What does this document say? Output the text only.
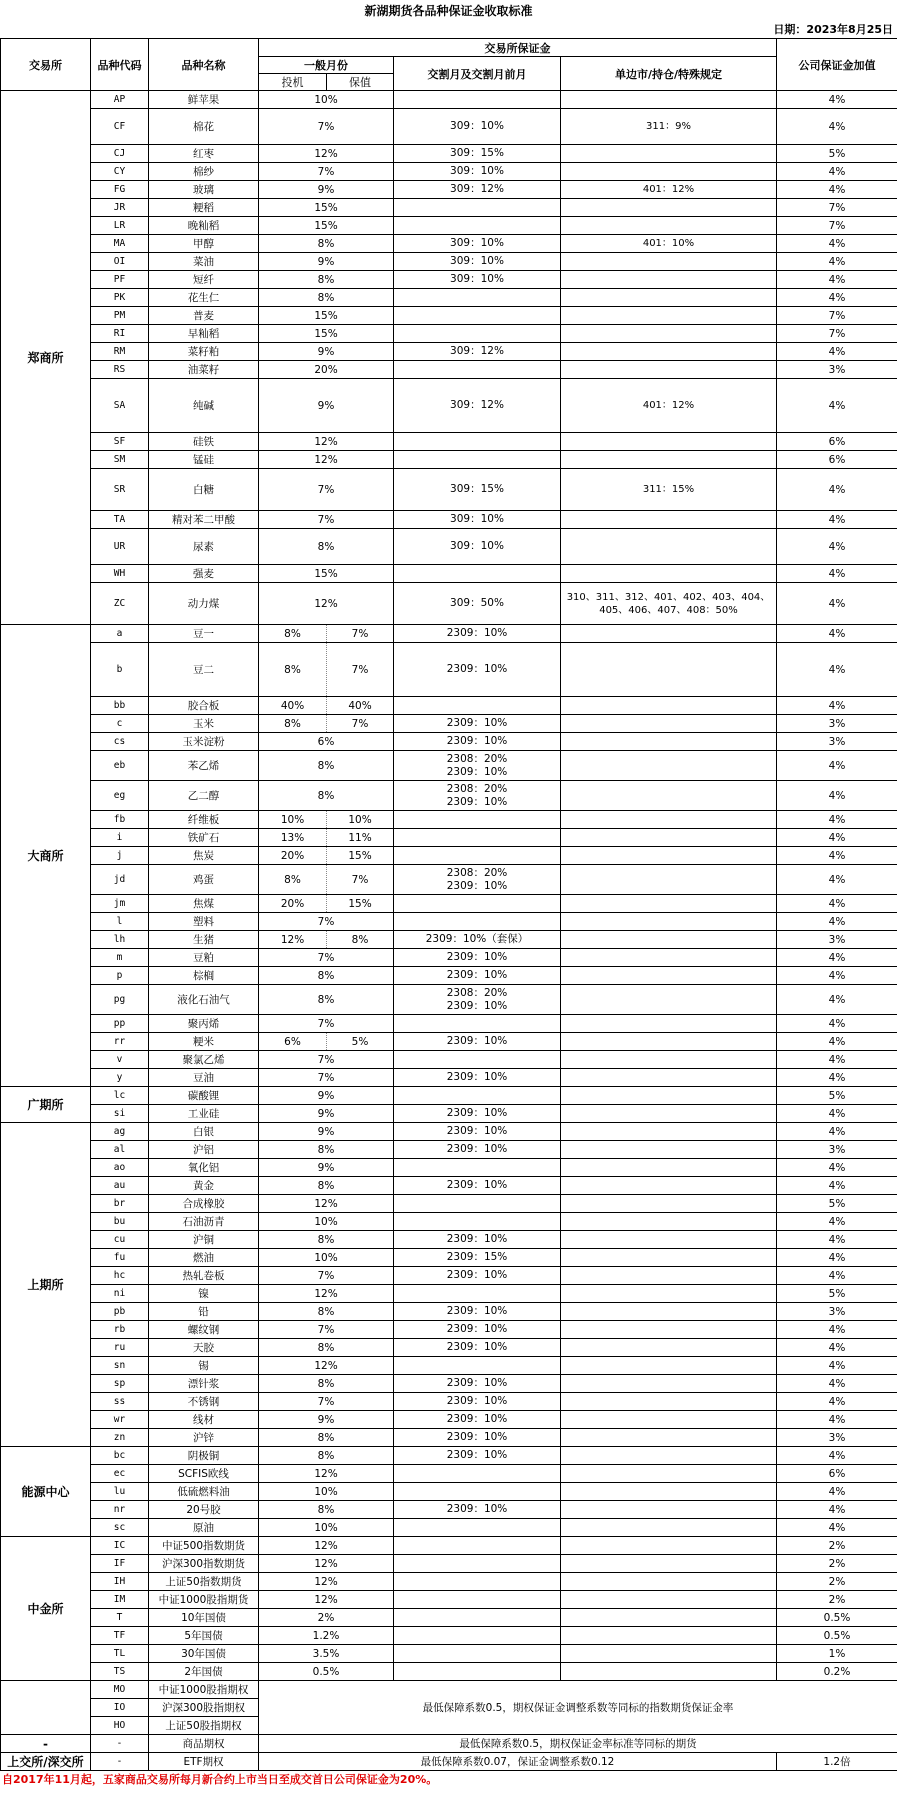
新湖期货各品种保证金收取标准
日期：2023年8月25日
交易所	品种代码	品种名称	交易所保证金				公司保证金加值
			一般月份		交割月及交割月前月	单边市/持仓/特殊规定	
			投机	保值			
郑商所	AP	鲜苹果	10%				4%
	CF	棉花	7%		309：10%	311：9%	4%
	CJ	红枣	12%		309：15%		5%
	CY	棉纱	7%		309：10%		4%
	FG	玻璃	9%		309：12%	401：12%	4%
	JR	粳稻	15%				7%
	LR	晚籼稻	15%				7%
	MA	甲醇	8%		309：10%	401：10%	4%
	OI	菜油	9%		309：10%		4%
	PF	短纤	8%		309：10%		4%
	PK	花生仁	8%				4%
	PM	普麦	15%				7%
	RI	早籼稻	15%				7%
	RM	菜籽粕	9%		309：12%		4%
	RS	油菜籽	20%				3%
	SA	纯碱	9%		309：12%	401：12%	4%
	SF	硅铁	12%				6%
	SM	锰硅	12%				6%
	SR	白糖	7%		309：15%	311：15%	4%
	TA	精对苯二甲酸	7%		309：10%		4%
	UR	尿素	8%		309：10%		4%
	WH	强麦	15%				4%
	ZC	动力煤	12%		309：50%	310、311、312、401、402、403、404、405、406、407、408：50%	4%
大商所	a	豆一	8%	7%	2309：10%		4%
	b	豆二	8%	7%	2309：10%		4%
	bb	胶合板	40%	40%			4%
	c	玉米	8%	7%	2309：10%		3%
	cs	玉米淀粉	6%		2309：10%		3%
	eb	苯乙烯	8%		2308：20%
2309：10%		4%
	eg	乙二醇	8%		2308：20%
2309：10%		4%
	fb	纤维板	10%	10%			4%
	i	铁矿石	13%	11%			4%
	j	焦炭	20%	15%			4%
	jd	鸡蛋	8%	7%	2308：20%
2309：10%		4%
	jm	焦煤	20%	15%			4%
	l	塑料	7%				4%
	lh	生猪	12%	8%	2309：10%（套保）		3%
	m	豆粕	7%		2309：10%		4%
	p	棕榈	8%		2309：10%		4%
	pg	液化石油气	8%		2308：20%
2309：10%		4%
	pp	聚丙烯	7%				4%
	rr	粳米	6%	5%	2309：10%		4%
	v	聚氯乙烯	7%				4%
	y	豆油	7%		2309：10%		4%
广期所	lc	碳酸锂	9%				5%
	si	工业硅	9%		2309：10%		4%
上期所	ag	白银	9%		2309：10%		4%
	al	沪铝	8%		2309：10%		3%
	ao	氧化铝	9%				4%
	au	黄金	8%		2309：10%		4%
	br	合成橡胶	12%				5%
	bu	石油沥青	10%				4%
	cu	沪铜	8%		2309：10%		4%
	fu	燃油	10%		2309：15%		4%
	hc	热轧卷板	7%		2309：10%		4%
	ni	镍	12%				5%
	pb	铅	8%		2309：10%		3%
	rb	螺纹钢	7%		2309：10%		4%
	ru	天胶	8%		2309：10%		4%
	sn	锡	12%				4%
	sp	漂针浆	8%		2309：10%		4%
	ss	不锈钢	7%		2309：10%		4%
	wr	线材	9%		2309：10%		4%
	zn	沪锌	8%		2309：10%		3%
能源中心	bc	阴极铜	8%		2309：10%		4%
	ec	SCFIS欧线	12%				6%
	lu	低硫燃料油	10%				4%
	nr	20号胶	8%		2309：10%		4%
	sc	原油	10%				4%
中金所	IC	中证500指数期货	12%				2%
	IF	沪深300指数期货	12%				2%
	IH	上证50指数期货	12%				2%
	IM	中证1000股指期货	12%				2%
	T	10年国债	2%				0.5%
	TF	5年国债	1.2%				0.5%
	TL	30年国债	3.5%				1%
	TS	2年国债	0.5%				0.2%
	MO	中证1000股指期权	最低保障系数0.5，期权保证金调整系数等同标的指数期货保证金率				
	IO	沪深300股指期权					
	HO	上证50股指期权					
-	-	商品期权	最低保障系数0.5，期权保证金率标准等同标的期货				
上交所/深交所	-	ETF期权	最低保障系数0.07，保证金调整系数0.12				1.2倍
自2017年11月起，五家商品交易所每月新合约上市当日至成交首日公司保证金为20%。
